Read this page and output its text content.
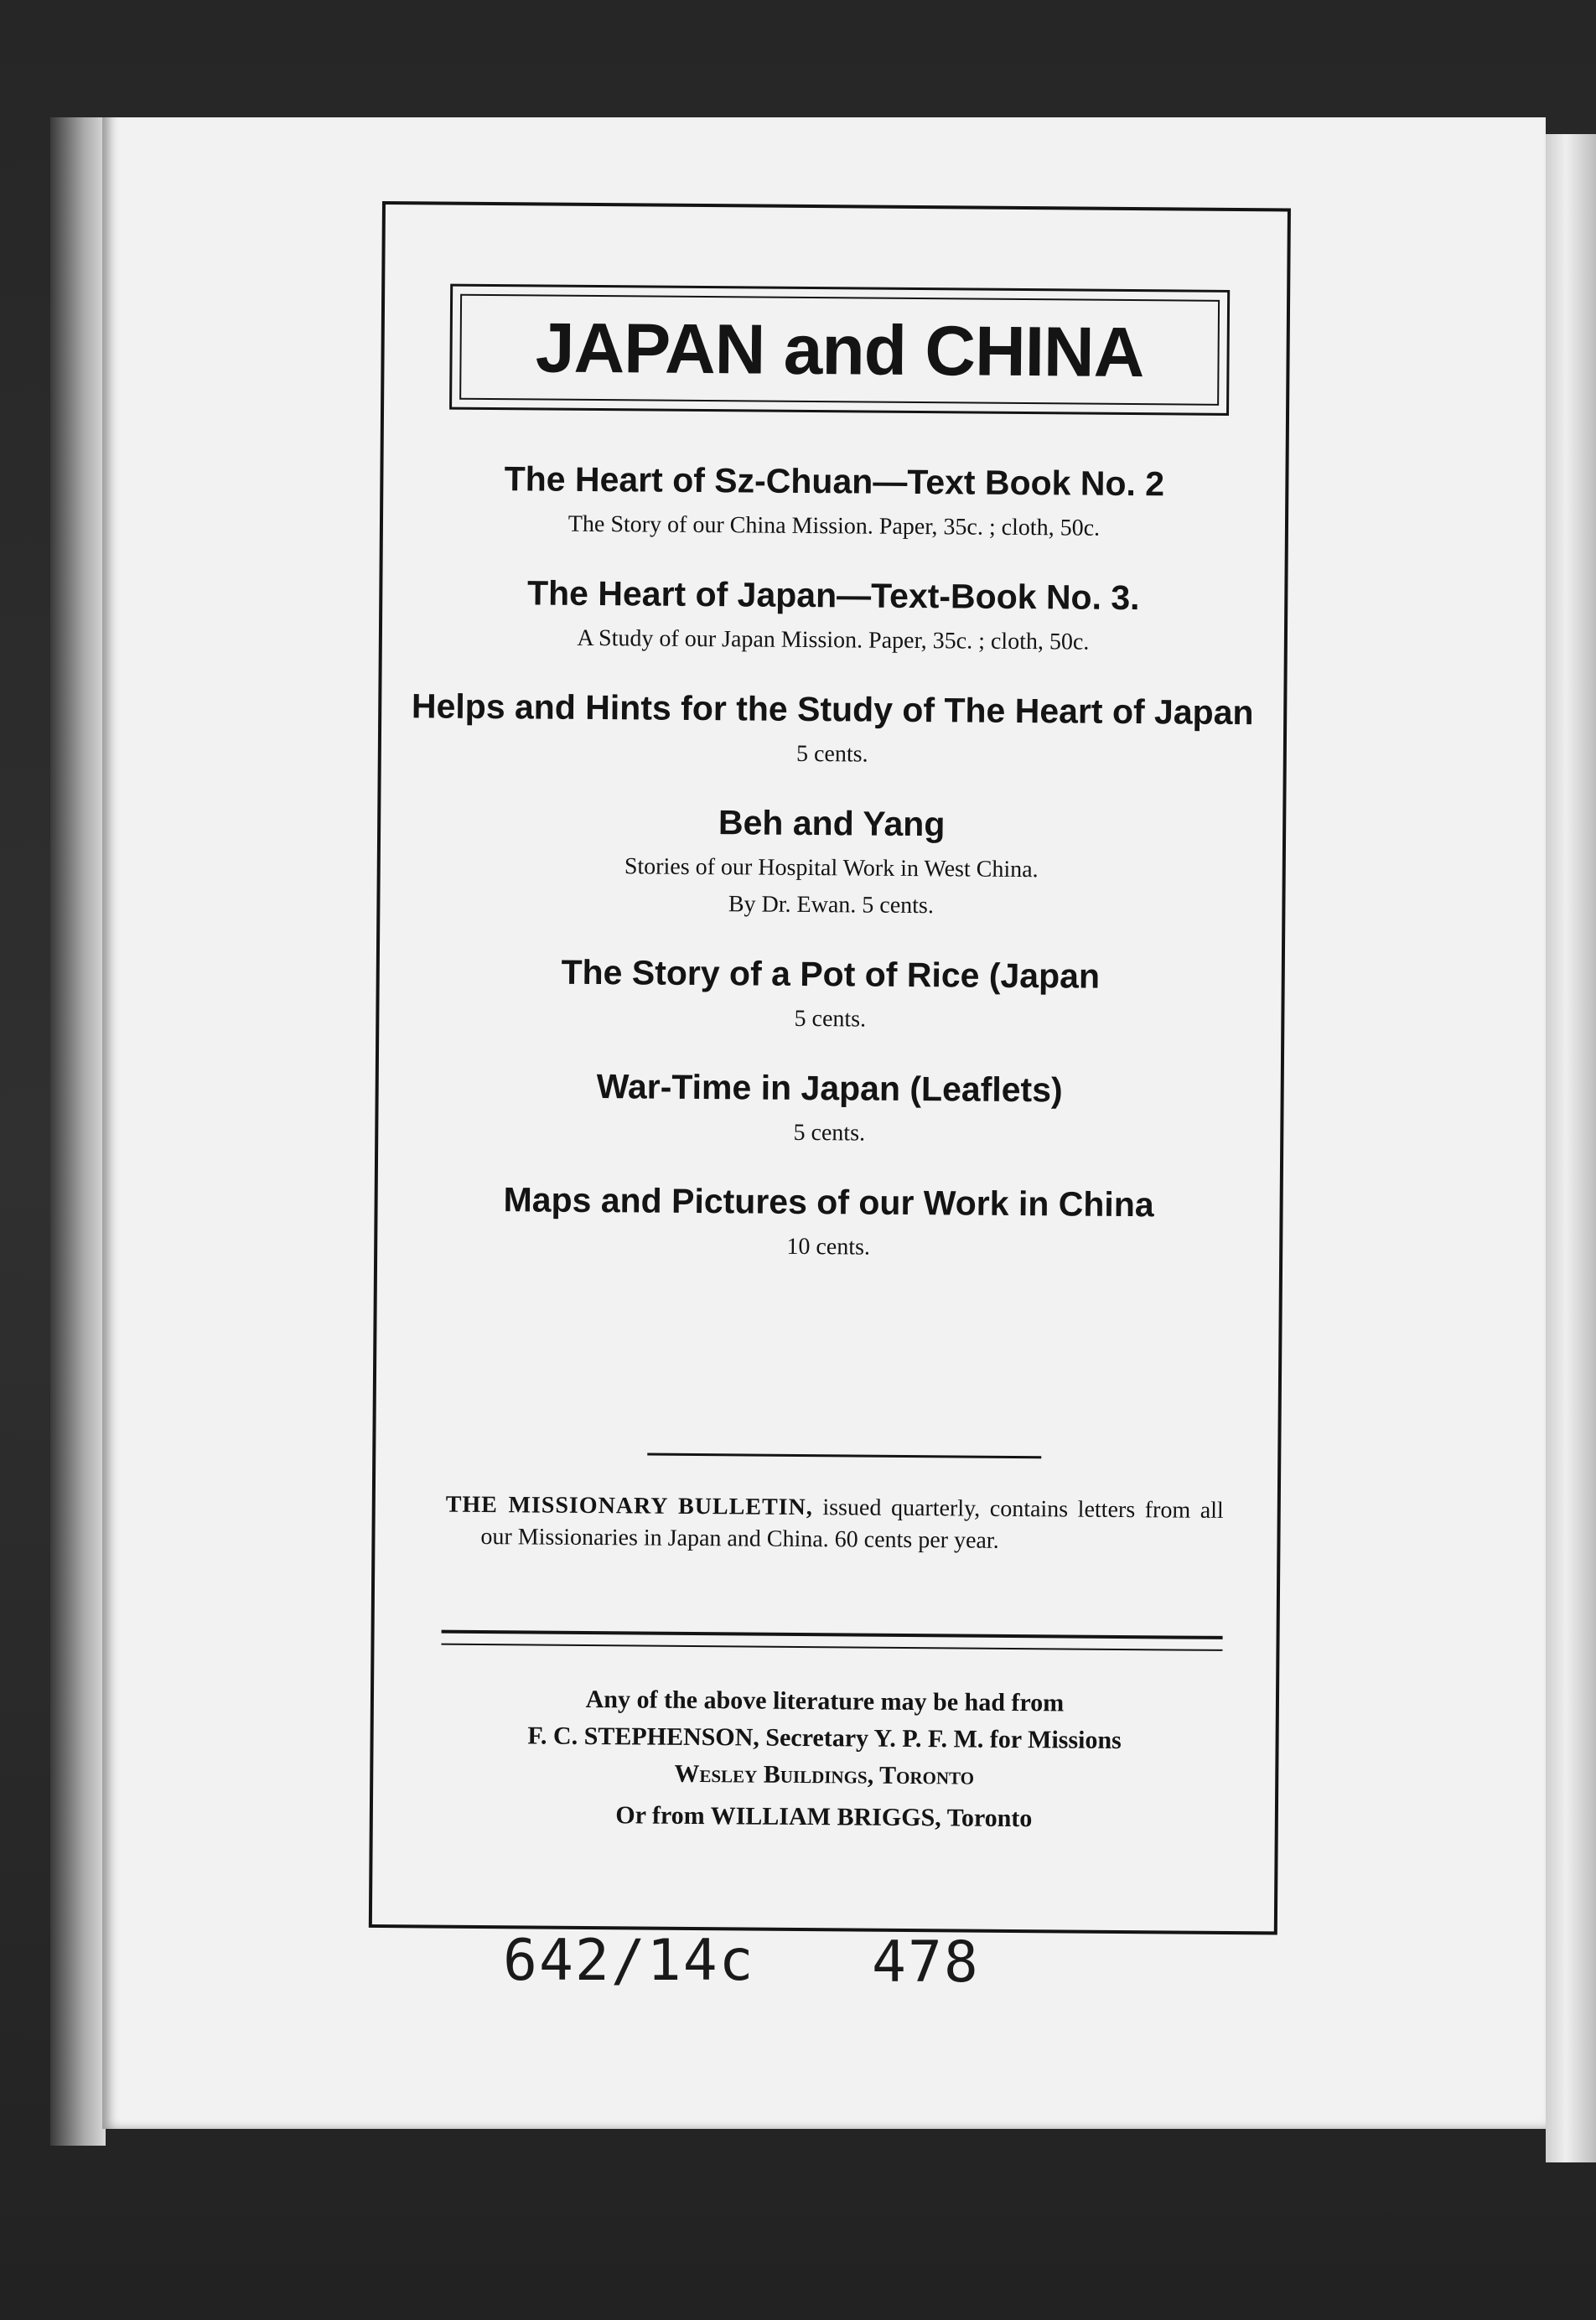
JAPAN and CHINA
The Heart of Sz-Chuan—Text Book No. 2
The Story of our China Mission. Paper, 35c. ; cloth, 50c.
The Heart of Japan—Text-Book No. 3.
A Study of our Japan Mission. Paper, 35c. ; cloth, 50c.
Helps and Hints for the Study of The Heart of Japan
5 cents.
Beh and Yang
Stories of our Hospital Work in West China.
By Dr. Ewan. 5 cents.
The Story of a Pot of Rice (Japan
5 cents.
War-Time in Japan (Leaflets)
5 cents.
Maps and Pictures of our Work in China
10 cents.
THE MISSIONARY BULLETIN, issued quarterly, contains letters from all our Missionaries in Japan and China. 60 cents per year.
Any of the above literature may be had from
F. C. STEPHENSON, Secretary Y. P. F. M. for Missions
Wesley Buildings, Toronto
Or from WILLIAM BRIGGS, Toronto
642/14c 478
